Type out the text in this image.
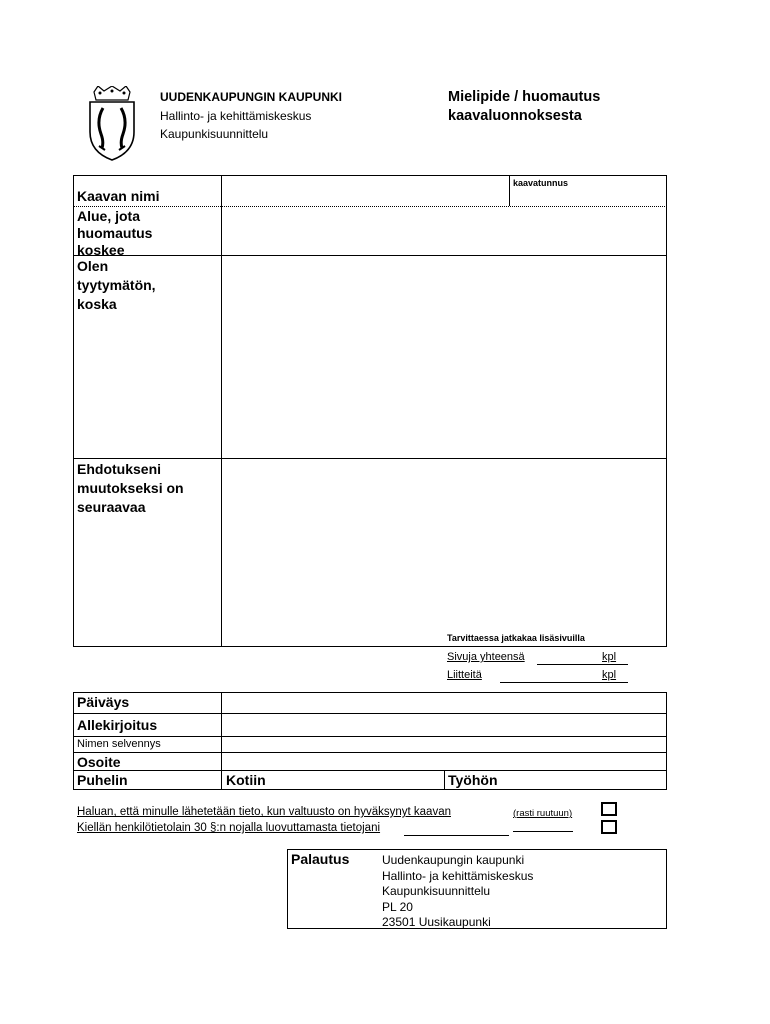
UUDENKAUPUNGIN KAUPUNKI
Hallinto- ja kehittämiskeskus
Kaupunkisuunnittelu
Mielipide / huomautus
kaavaluonnoksesta
Kaavan nimi
kaavatunnus
Alue, jota huomautus koskee
Olen tyytymätön, koska
Ehdotukseni muutokseksi on seuraavaa
Tarvittaessa jatkakaa lisäsivuilla
Sivuja yhteensä	kpl
Liitteitä	kpl
Päiväys
Allekirjoitus
Nimen selvennys
Osoite
Puhelin	Kotiin	Työhön
Haluan, että minulle lähetetään tieto, kun valtuusto on hyväksynyt kaavan	(rasti ruutuun)
Kiellän henkilötietolain 30 §:n nojalla luovuttamasta tietojani
Palautus	Uudenkaupungin kaupunki
Hallinto- ja kehittämiskeskus
Kaupunkisuunnittelu
PL 20
23501 Uusikaupunki
